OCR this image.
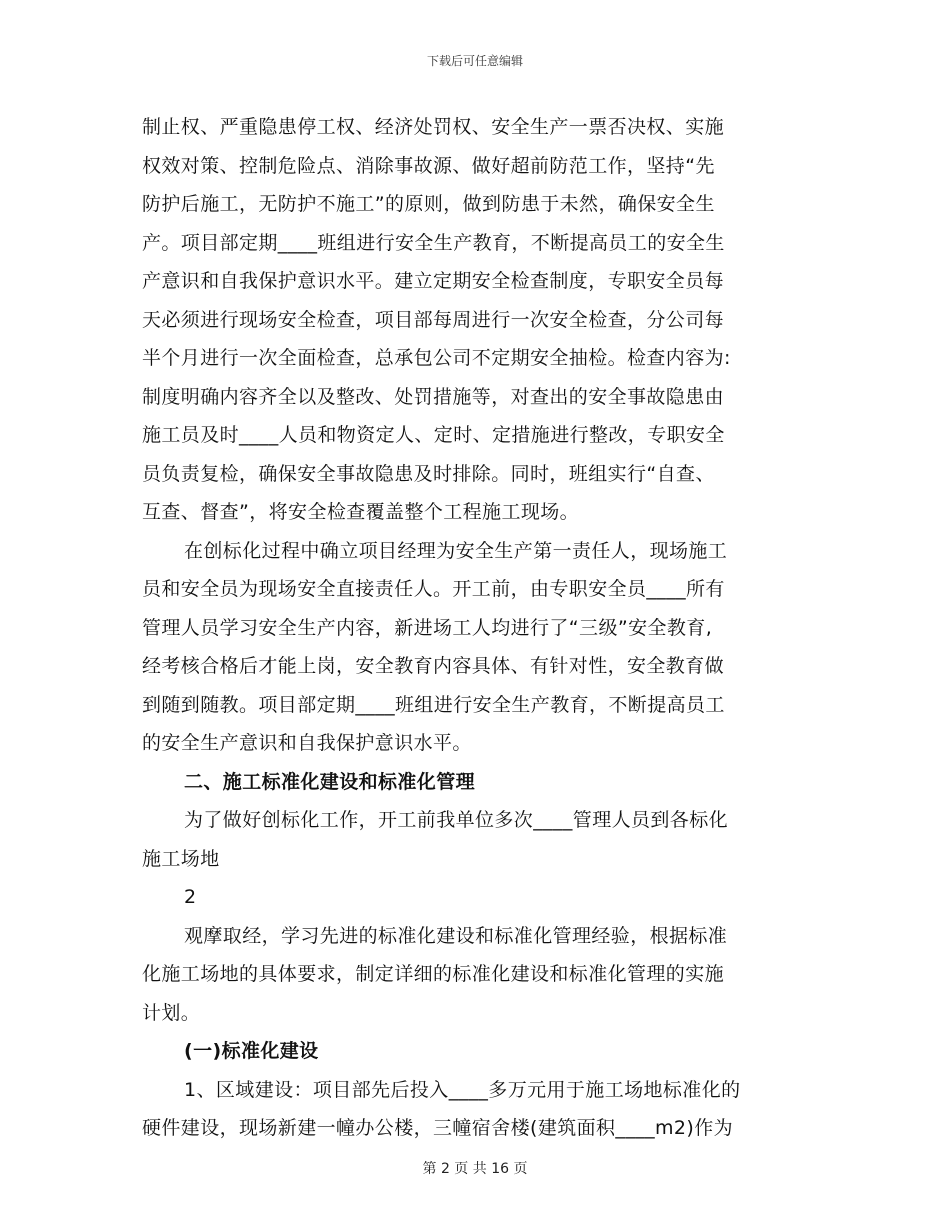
下载后可任意编辑
制止权、严重隐患停工权、经济处罚权、安全生产一票否决权、实施
权效对策、控制危险点、消除事故源、做好超前防范工作，坚持“先
防护后施工，无防护不施工”的原则，做到防患于未然，确保安全生
产。项目部定期____班组进行安全生产教育，不断提高员工的安全生
产意识和自我保护意识水平。建立定期安全检查制度，专职安全员每
天必须进行现场安全检查，项目部每周进行一次安全检查，分公司每
半个月进行一次全面检查，总承包公司不定期安全抽检。检查内容为:
制度明确内容齐全以及整改、处罚措施等，对查出的安全事故隐患由
施工员及时____人员和物资定人、定时、定措施进行整改，专职安全
员负责复检，确保安全事故隐患及时排除。同时，班组实行“自查、
互查、督查”，将安全检查覆盖整个工程施工现场。
在创标化过程中确立项目经理为安全生产第一责任人，现场施工
员和安全员为现场安全直接责任人。开工前，由专职安全员____所有
管理人员学习安全生产内容，新进场工人均进行了“三级”安全教育,
经考核合格后才能上岗，安全教育内容具体、有针对性，安全教育做
到随到随教。项目部定期____班组进行安全生产教育，不断提高员工
的安全生产意识和自我保护意识水平。
二、施工标准化建设和标准化管理
为了做好创标化工作，开工前我单位多次____管理人员到各标化
施工场地
2
观摩取经，学习先进的标准化建设和标准化管理经验，根据标准
化施工场地的具体要求，制定详细的标准化建设和标准化管理的实施
计划。
(一)标准化建设
1、区域建设：项目部先后投入____多万元用于施工场地标准化的
硬件建设，现场新建一幢办公楼，三幢宿舍楼(建筑面积____m2)作为
第 2 页 共 16 页
